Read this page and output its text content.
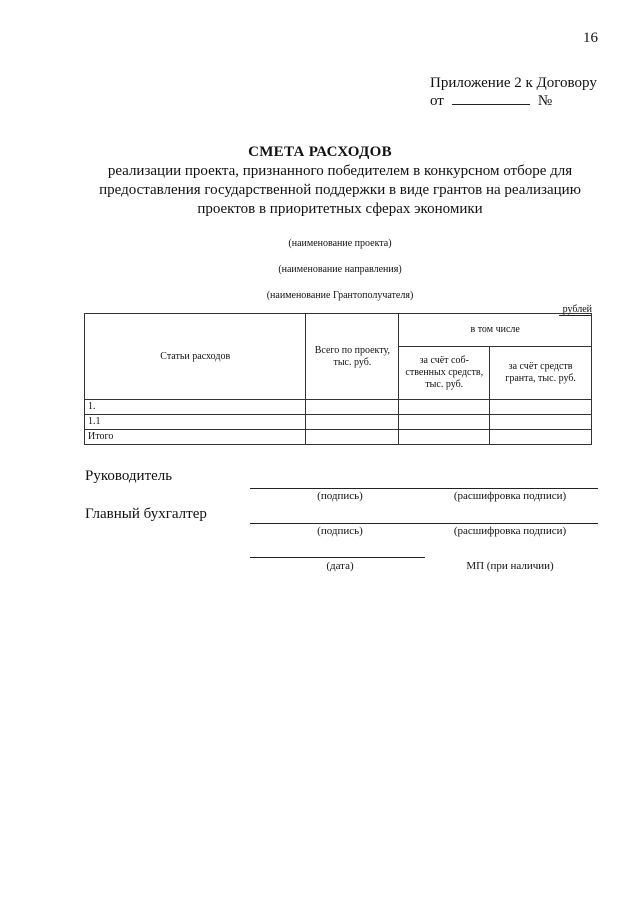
16
Приложение 2 к Договору
от	№
СМЕТА РАСХОДОВ
реализации проекта, признанного победителем в конкурсном отборе для предоставления государственной поддержки в виде грантов на реализацию проектов в приоритетных сферах экономики
(наименование проекта)
(наименование направления)
(наименование Грантополучателя)
рублей
Статьи расходов	Всего по проекту, тыс. руб.	в том числе	
		за счёт соб-ственных средств, тыс. руб.	за счёт средств гранта, тыс. руб.
1.			
1.1			
Итого			
Руководитель
(подпись)	(расшифровка подписи)
Главный бухгалтер
(подпись)	(расшифровка подписи)
(дата)	МП (при наличии)
